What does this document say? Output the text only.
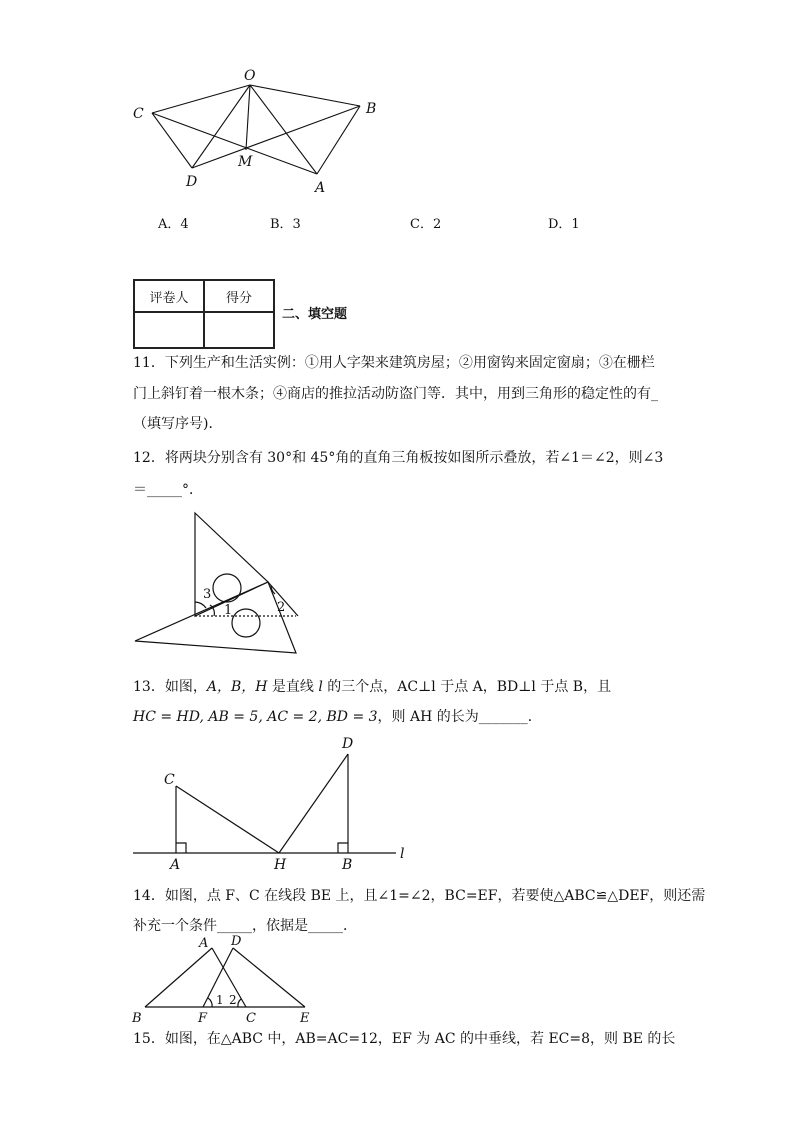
O
B
C
M
D	A
A．4	B．3	C．2	D．1
评卷人	得分

二、填空题
11．下列生产和生活实例：①用人字架来建筑房屋；②用窗钩来固定窗扇；③在栅栏
门上斜钉着一根木条；④商店的推拉活动防盗门等．其中，用到三角形的稳定性的有_
（填写序号)．
12．将两块分别含有 30°和 45°角的直角三角板按如图所示叠放，若∠1＝∠2，则∠3
＝_____°．
3
1	2
13．如图，A，B，H 是直线 l 的三个点，AC⊥l 于点 A，BD⊥l 于点 B，且
HC = HD, AB = 5, AC = 2, BD = 3，则 AH 的长为_______．
C
D
A	H	B
l
14．如图，点 F、C 在线段 BE 上，且∠1=∠2，BC=EF，若要使△ABC≌△DEF，则还需
补充一个条件_____，依据是_____．
A D
B	F	C	E
1 2
15．如图，在△ABC 中，AB=AC=12，EF 为 AC 的中垂线，若 EC=8，则 BE 的长
